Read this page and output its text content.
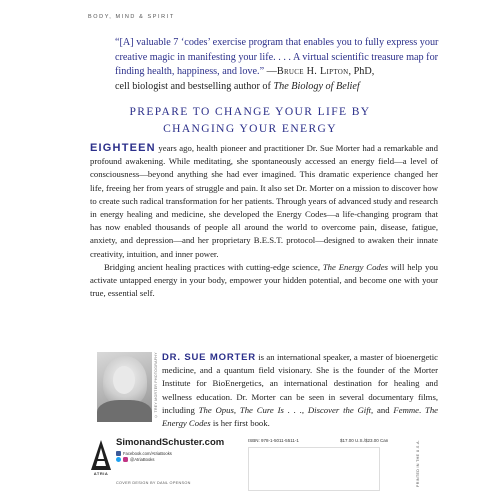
BODY, MIND & SPIRIT
“[A] valuable 7 ‘codes’ exercise program that enables you to fully express your creative magic in manifesting your life. . . . A virtual scientific treasure map for finding health, happiness, and love.” —Bruce H. Lipton, PhD,
cell biologist and bestselling author of The Biology of Belief
PREPARE TO CHANGE YOUR LIFE BY
CHANGING YOUR ENERGY

EIGHTEEN years ago, health pioneer and practitioner Dr. Sue Morter had a remarkable and profound awakening. While meditating, she spontaneously accessed an energy field—a level of consciousness—beyond anything she had ever imagined. This dramatic experience changed her life, freeing her from years of struggle and pain. It also set Dr. Morter on a mission to discover how to create such radical transformation for her patients. Through years of advanced study and research in energy healing and medicine, she developed the Energy Codes—a life-changing program that has now enabled thousands of people all around the world to overcome pain, disease, fatigue, anxiety, and depression—and her proprietary B.E.S.T. protocol—designed to awaken their innate creativity, intuition, and inner power.

Bridging ancient healing practices with cutting-edge science, The Energy Codes will help you activate untapped energy in your body, empower your hidden potential, and become one with your true, essential self.

© TREY MORTER PHOTOGRAPHY DR. SUE MORTER is an international speaker, a master of bioenergetic medicine, and a quantum field visionary. She is the founder of the Morter Institute for BioEnergetics, an international destination for healing and wellness education. Dr. Morter can be seen in several documentary films, including The Opus, The Cure Is . . ., Discover the Gift, and Femme. The Energy Codes is her first book.
ATRIA
SimonandSchuster.com
Facebook.com/AtriaBooks
@AtriaBooks
COVER DESIGN BY DANL OPENSON
ISBN: 978-1-5011-5511-1	$17.00 U.S./$23.00 Can	PRINTED IN THE U.S.A.
